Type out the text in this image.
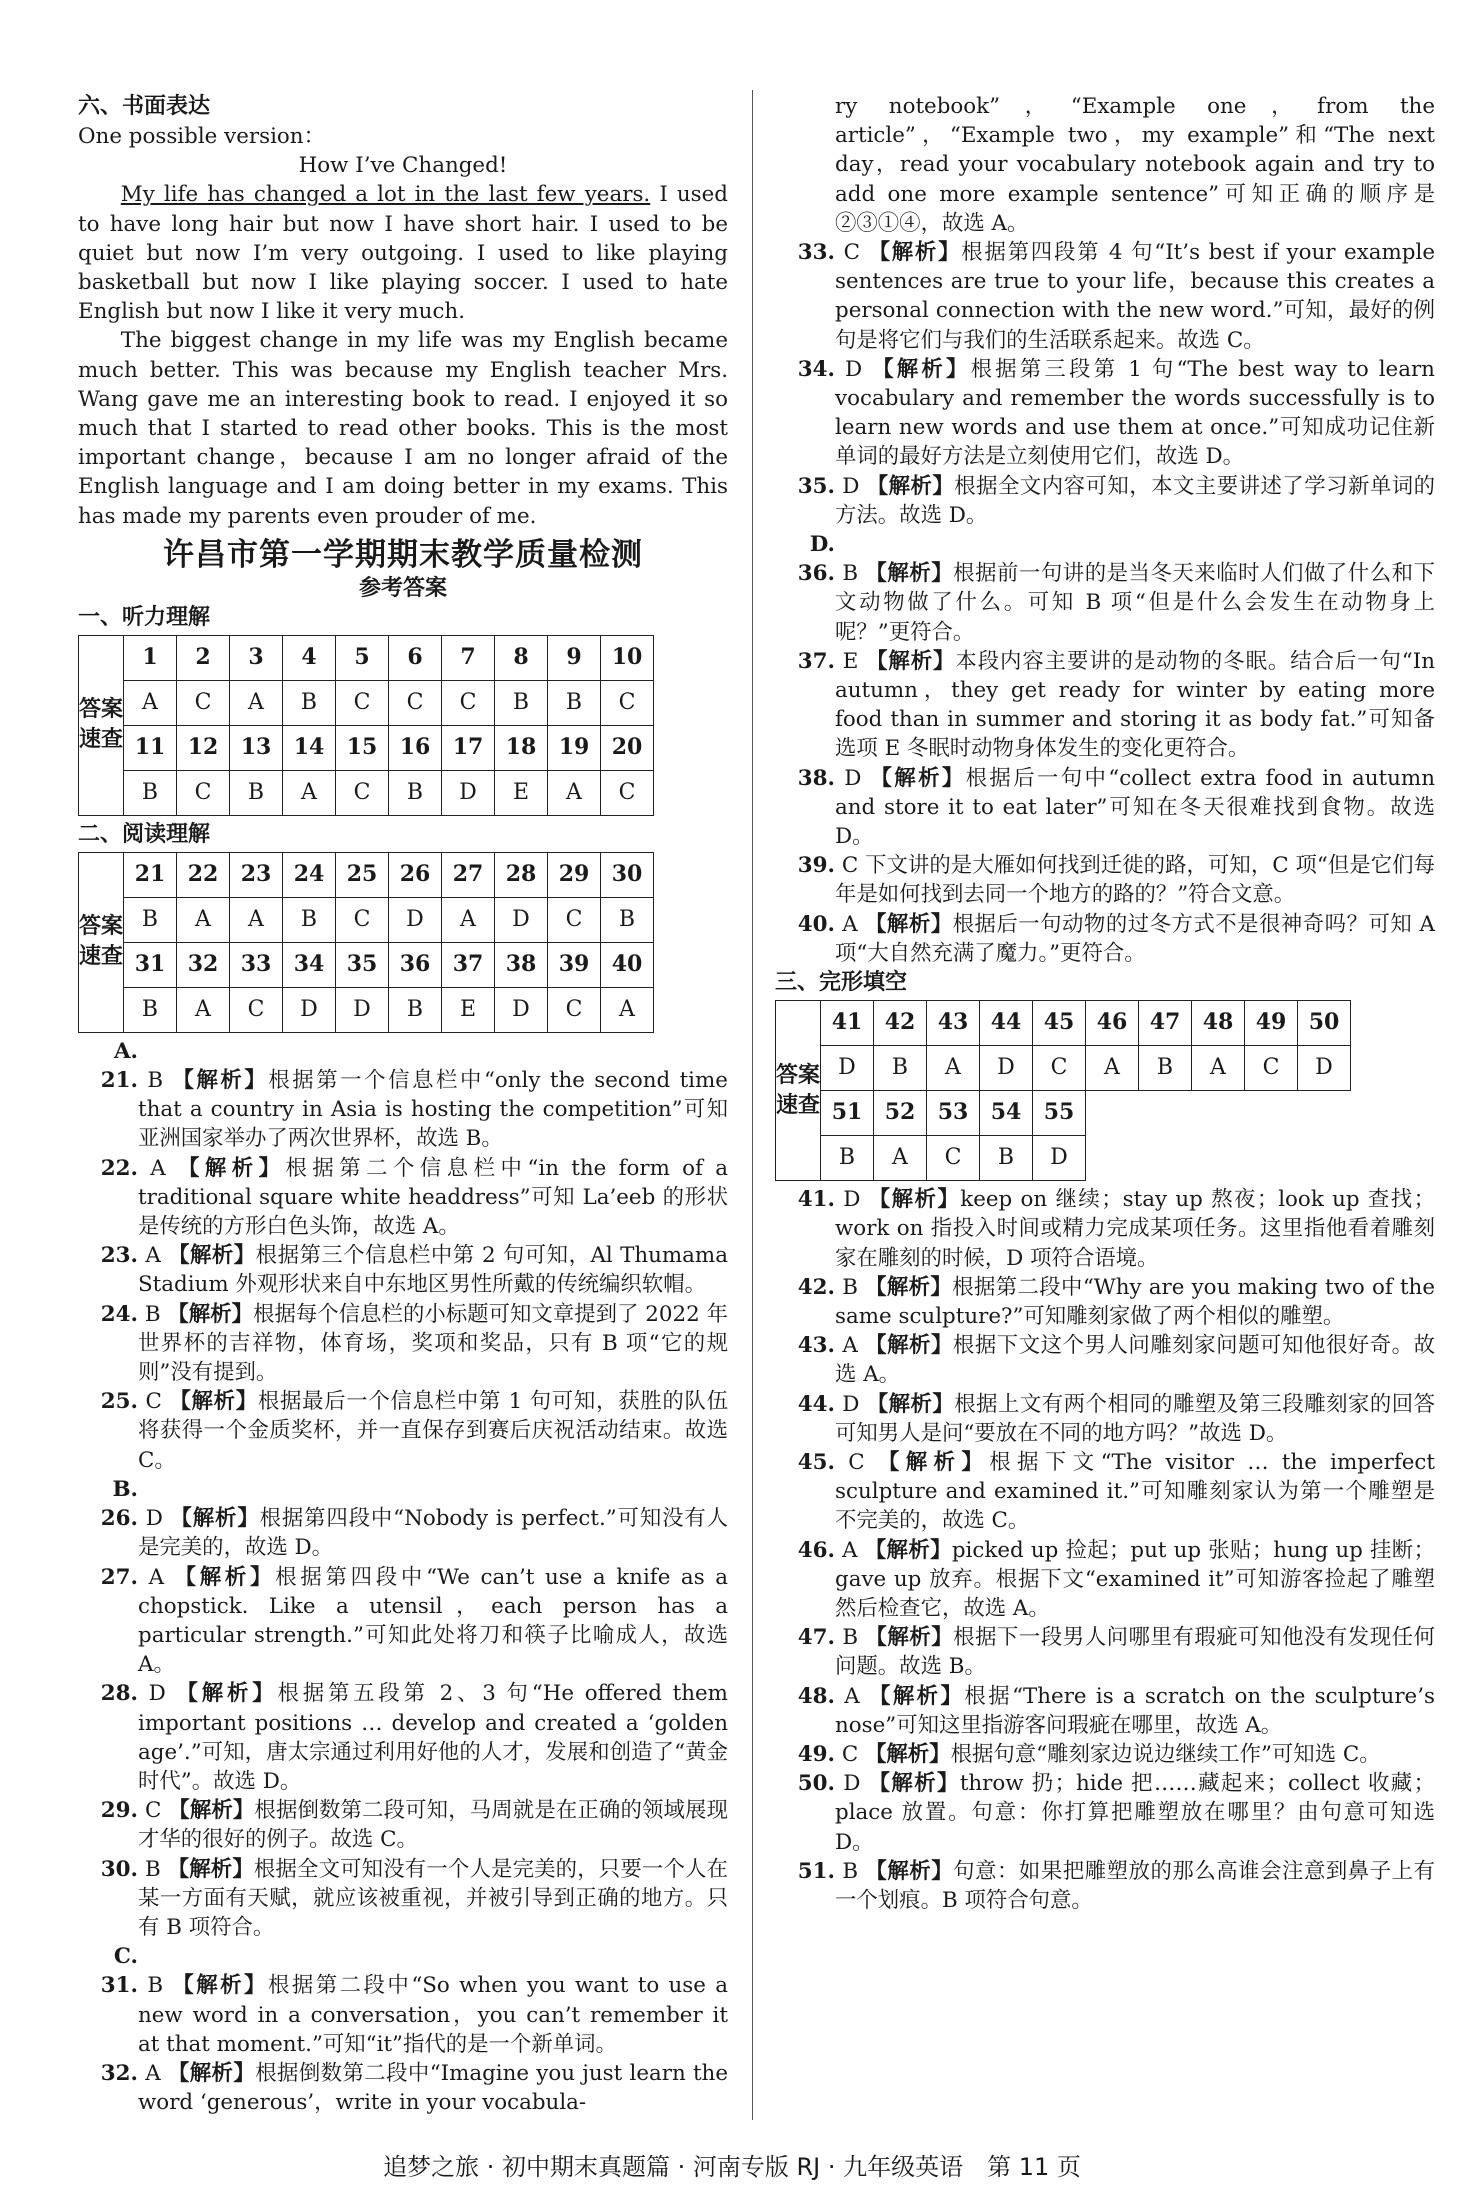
六、书面表达

One possible version：

How I’ve Changed!

My life has changed a lot in the last few years. I used to have long hair but now I have short hair. I used to be quiet but now I’m very outgoing. I used to like playing basketball but now I like playing soccer. I used to hate English but now I like it very much.

The biggest change in my life was my English became much better. This was because my English teacher Mrs. Wang gave me an interesting book to read. I enjoyed it so much that I started to read other books. This is the most important change，because I am no longer afraid of the English language and I am doing better in my exams. This has made my parents even prouder of me.

许昌市第一学期期末教学质量检测
参考答案
一、听力理解
答案速查	1	2	3	4	5	6	7	8	9	10
	A	C	A	B	C	C	C	B	B	C
	11	12	13	14	15	16	17	18	19	20
	B	C	B	A	C	B	D	E	A	C
二、阅读理解
答案速查	21	22	23	24	25	26	27	28	29	30
	B	A	A	B	C	D	A	D	C	B
	31	32	33	34	35	36	37	38	39	40
	B	A	C	D	D	B	E	D	C	A

A. 21. B 【解析】根据第一个信息栏中“only the second time that a country in Asia is hosting the competition”可知亚洲国家举办了两次世界杯，故选 B。

22. A 【解析】根据第二个信息栏中“in the form of a traditional square white headdress”可知 La’eeb 的形状是传统的方形白色头饰，故选 A。

23. A 【解析】根据第三个信息栏中第 2 句可知，Al Thumama Stadium 外观形状来自中东地区男性所戴的传统编织软帽。

24. B 【解析】根据每个信息栏的小标题可知文章提到了 2022 年世界杯的吉祥物，体育场，奖项和奖品，只有 B 项“它的规则”没有提到。

25. C 【解析】根据最后一个信息栏中第 1 句可知，获胜的队伍将获得一个金质奖杯，并一直保存到赛后庆祝活动结束。故选 C。

B. 26. D 【解析】根据第四段中“Nobody is perfect.”可知没有人是完美的，故选 D。

27. A 【解析】根据第四段中“We can’t use a knife as a chopstick. Like a utensil，each person has a particular strength.”可知此处将刀和筷子比喻成人，故选 A。

28. D 【解析】根据第五段第 2、3 句“He offered them important positions … develop and created a ‘golden age’.”可知，唐太宗通过利用好他的人才，发展和创造了“黄金时代”。故选 D。

29. C 【解析】根据倒数第二段可知，马周就是在正确的领域展现才华的很好的例子。故选 C。

30. B 【解析】根据全文可知没有一个人是完美的，只要一个人在某一方面有天赋，就应该被重视，并被引导到正确的地方。只有 B 项符合。

C. 31. B 【解析】根据第二段中“So when you want to use a new word in a conversation，you can’t remember it at that moment.”可知“it”指代的是一个新单词。

32. A 【解析】根据倒数第二段中“Imagine you just learn the word ‘generous’，write in your vocabula-

ry notebook”，“Example one，from the article”，“Example two，my example”和“The next day，read your vocabulary notebook again and try to add one more example sentence”可知正确的顺序是②③①④，故选 A。

33. C 【解析】根据第四段第 4 句“It’s best if your example sentences are true to your life，because this creates a personal connection with the new word.”可知，最好的例句是将它们与我们的生活联系起来。故选 C。

34. D 【解析】根据第三段第 1 句“The best way to learn vocabulary and remember the words successfully is to learn new words and use them at once.”可知成功记住新单词的最好方法是立刻使用它们，故选 D。

35. D 【解析】根据全文内容可知，本文主要讲述了学习新单词的方法。故选 D。

D. 36. B 【解析】根据前一句讲的是当冬天来临时人们做了什么和下文动物做了什么。可知 B 项“但是什么会发生在动物身上呢？”更符合。

37. E 【解析】本段内容主要讲的是动物的冬眠。结合后一句“In autumn，they get ready for winter by eating more food than in summer and storing it as body fat.”可知备选项 E 冬眠时动物身体发生的变化更符合。

38. D 【解析】根据后一句中“collect extra food in autumn and store it to eat later”可知在冬天很难找到食物。故选 D。

39. C 下文讲的是大雁如何找到迁徙的路，可知，C 项“但是它们每年是如何找到去同一个地方的路的？”符合文意。

40. A 【解析】根据后一句动物的过冬方式不是很神奇吗？可知 A 项“大自然充满了魔力。”更符合。

三、完形填空
答案速查	41	42	43	44	45	46	47	48	49	50
	D	B	A	D	C	A	B	A	C	D
	51	52	53	54	55					
	B	A	C	B	D					

41. D 【解析】keep on 继续；stay up 熬夜；look up 查找；work on 指投入时间或精力完成某项任务。这里指他看着雕刻家在雕刻的时候，D 项符合语境。

42. B 【解析】根据第二段中“Why are you making two of the same sculpture?”可知雕刻家做了两个相似的雕塑。

43. A 【解析】根据下文这个男人问雕刻家问题可知他很好奇。故选 A。

44. D 【解析】根据上文有两个相同的雕塑及第三段雕刻家的回答可知男人是问“要放在不同的地方吗？”故选 D。

45. C 【解析】根据下文“The visitor … the imperfect sculpture and examined it.”可知雕刻家认为第一个雕塑是不完美的，故选 C。

46. A 【解析】picked up 捡起；put up 张贴；hung up 挂断；gave up 放弃。根据下文“examined it”可知游客捡起了雕塑然后检查它，故选 A。

47. B 【解析】根据下一段男人问哪里有瑕疵可知他没有发现任何问题。故选 B。

48. A 【解析】根据“There is a scratch on the sculpture’s nose”可知这里指游客问瑕疵在哪里，故选 A。

49. C 【解析】根据句意“雕刻家边说边继续工作”可知选 C。

50. D 【解析】throw 扔；hide 把……藏起来；collect 收藏；place 放置。句意：你打算把雕塑放在哪里？由句意可知选 D。

51. B 【解析】句意：如果把雕塑放的那么高谁会注意到鼻子上有一个划痕。B 项符合句意。

追梦之旅 · 初中期末真题篇 · 河南专版 RJ · 九年级英语　第 11 页
